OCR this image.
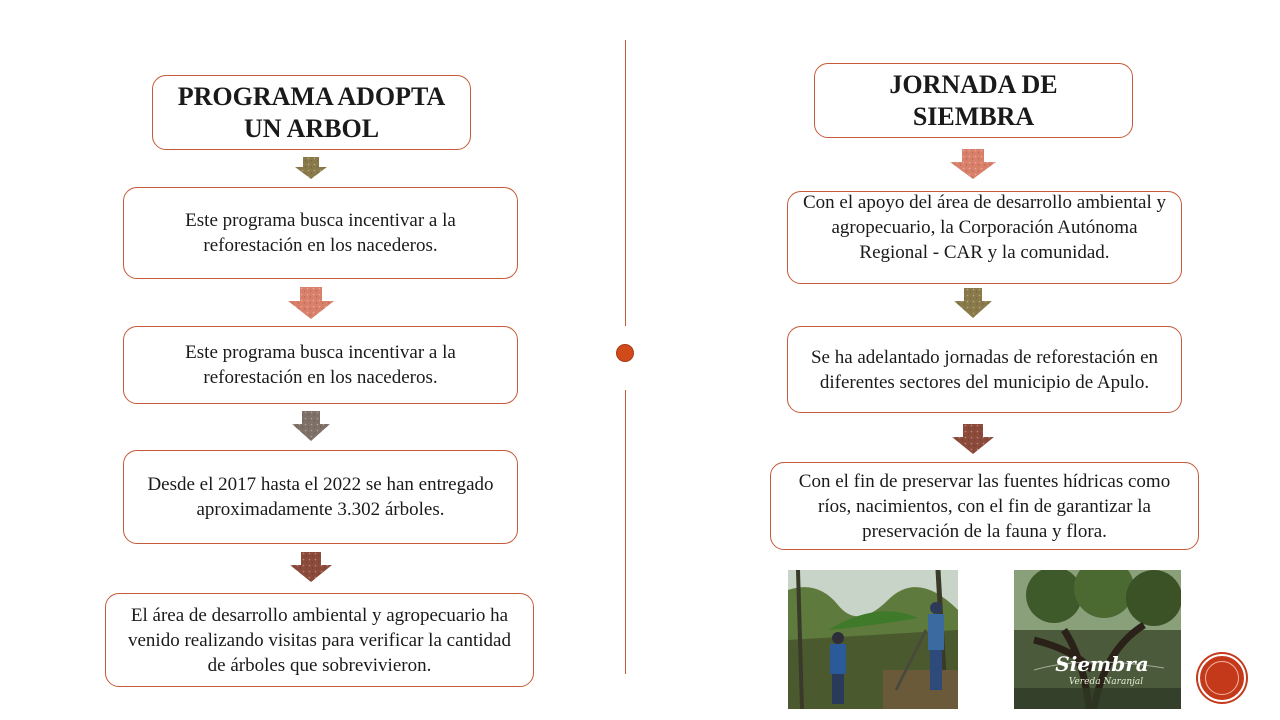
PROGRAMA ADOPTA UN ARBOL
Este programa busca incentivar a la reforestación en los nacederos.
Este programa busca incentivar a la reforestación en los nacederos.
Desde el 2017 hasta el 2022 se han entregado aproximadamente 3.302 árboles.
El área de desarrollo ambiental y agropecuario ha venido realizando visitas para verificar la cantidad de árboles que sobrevivieron.
JORNADA DE SIEMBRA
Con el apoyo del área de desarrollo ambiental y agropecuario, la Corporación Autónoma Regional - CAR y la comunidad.
Se ha adelantado jornadas de reforestación en diferentes sectores del municipio de Apulo.
Con el fin de preservar las fuentes hídricas como ríos, nacimientos, con el fin de garantizar la preservación de la fauna y flora.
Siembra
Vereda Naranjal
